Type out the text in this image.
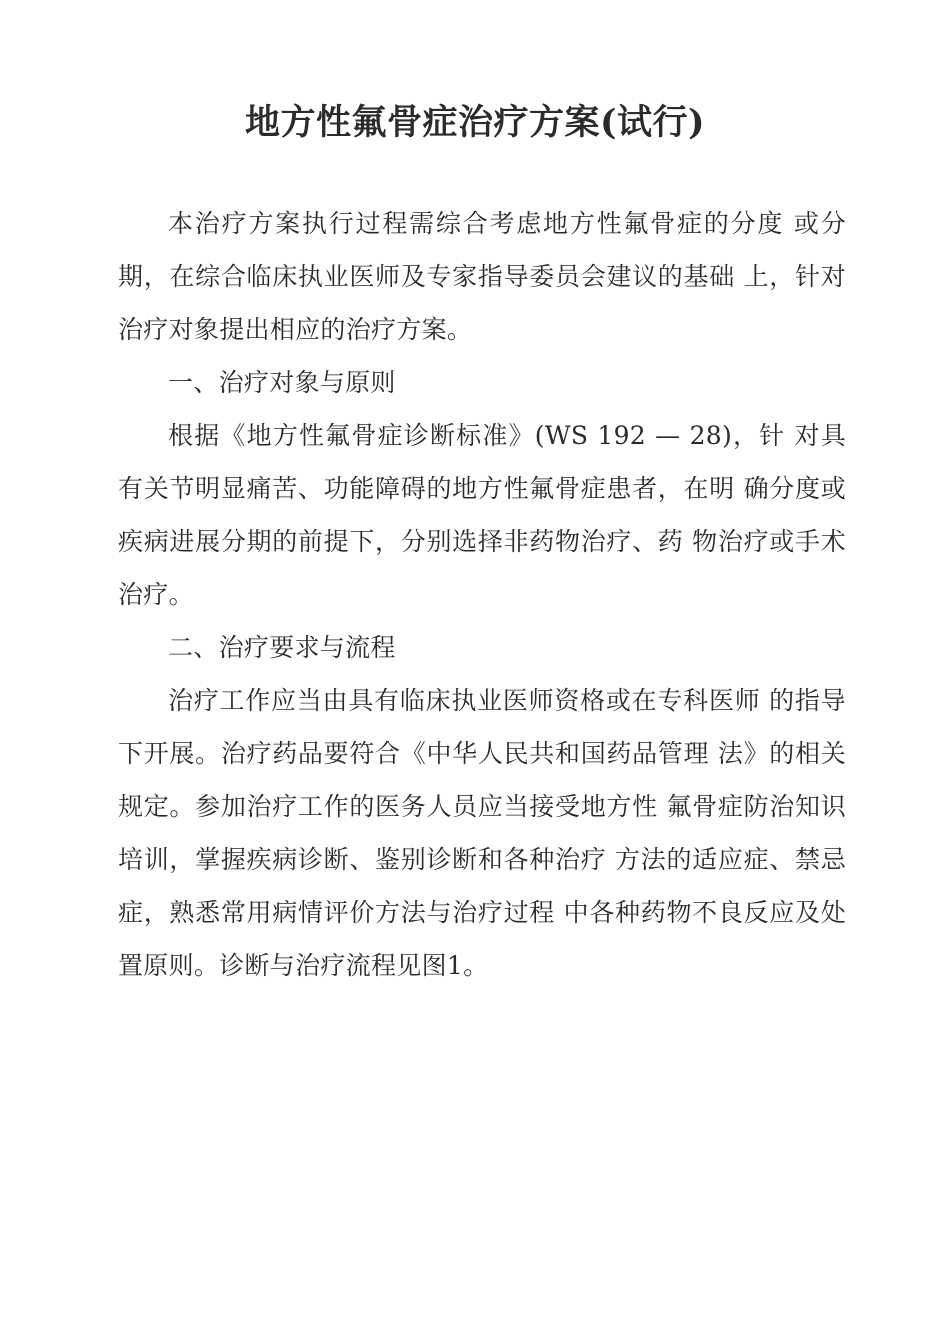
地方性氟骨症治疗方案(试行)

本治疗方案执行过程需综合考虑地方性氟骨症的分度 或分期，在综合临床执业医师及专家指导委员会建议的基础 上，针对治疗对象提出相应的治疗方案。

一、治疗对象与原则

根据《地方性氟骨症诊断标准》(WS 192 — 28)，针 对具有关节明显痛苦、功能障碍的地方性氟骨症患者，在明 确分度或疾病进展分期的前提下，分别选择非药物治疗、药 物治疗或手术治疗。

二、治疗要求与流程

治疗工作应当由具有临床执业医师资格或在专科医师 的指导下开展。治疗药品要符合《中华人民共和国药品管理 法》的相关规定。参加治疗工作的医务人员应当接受地方性 氟骨症防治知识培训，掌握疾病诊断、鉴别诊断和各种治疗 方法的适应症、禁忌症，熟悉常用病情评价方法与治疗过程 中各种药物不良反应及处置原则。诊断与治疗流程见图1。
